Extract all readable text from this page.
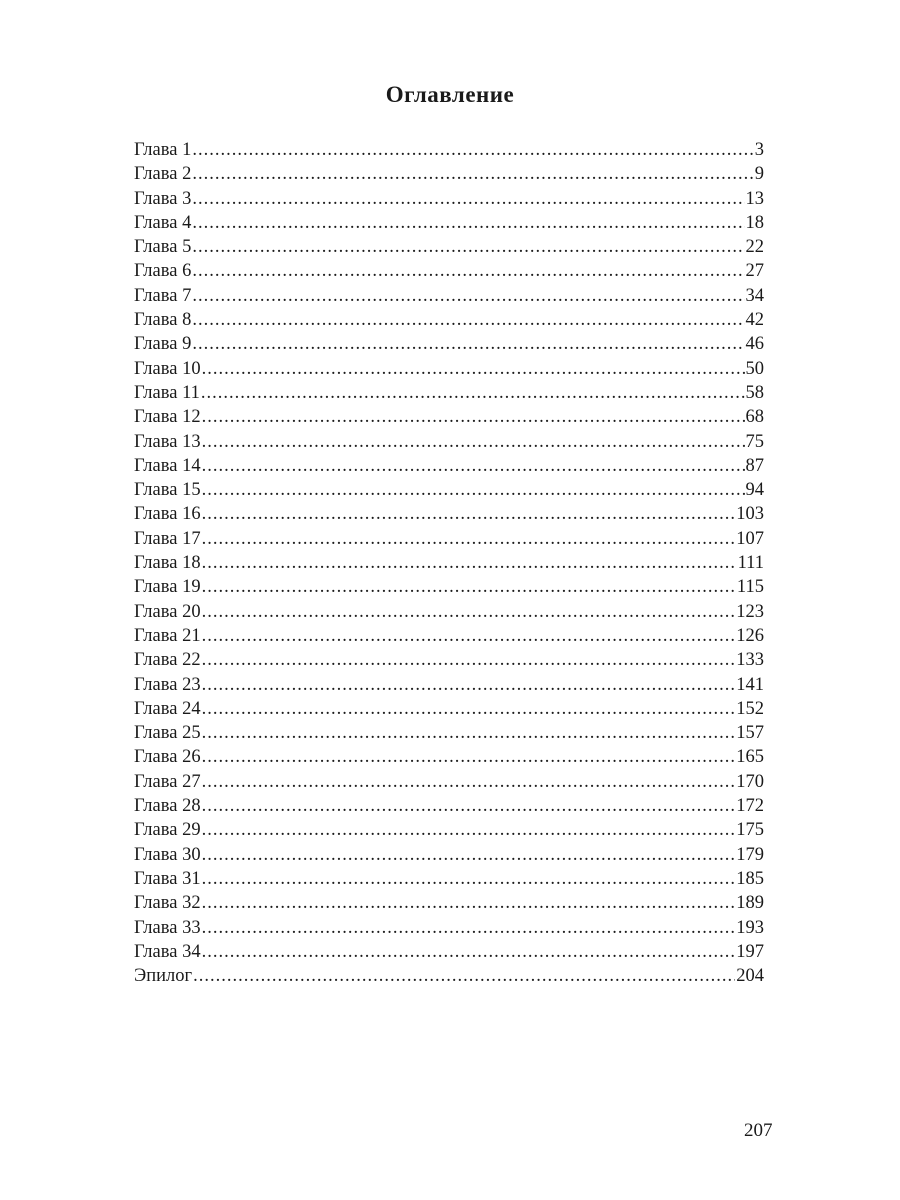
Оглавление
Глава 1 .....	3
Глава 2 .....	9
Глава 3 .....	13
Глава 4 .....	18
Глава 5 .....	22
Глава 6 .....	27
Глава 7 .....	34
Глава 8 .....	42
Глава 9 .....	46
Глава 10 .....	50
Глава 11 .....	58
Глава 12 .....	68
Глава 13 .....	75
Глава 14 .....	87
Глава 15 .....	94
Глава 16 .....	103
Глава 17 .....	107
Глава 18 .....	111
Глава 19 .....	115
Глава 20 .....	123
Глава 21 .....	126
Глава 22 .....	133
Глава 23 .....	141
Глава 24 .....	152
Глава 25 .....	157
Глава 26 .....	165
Глава 27 .....	170
Глава 28 .....	172
Глава 29 .....	175
Глава 30 .....	179
Глава 31 .....	185
Глава 32 .....	189
Глава 33 .....	193
Глава 34 .....	197
Эпилог .....	204
207
